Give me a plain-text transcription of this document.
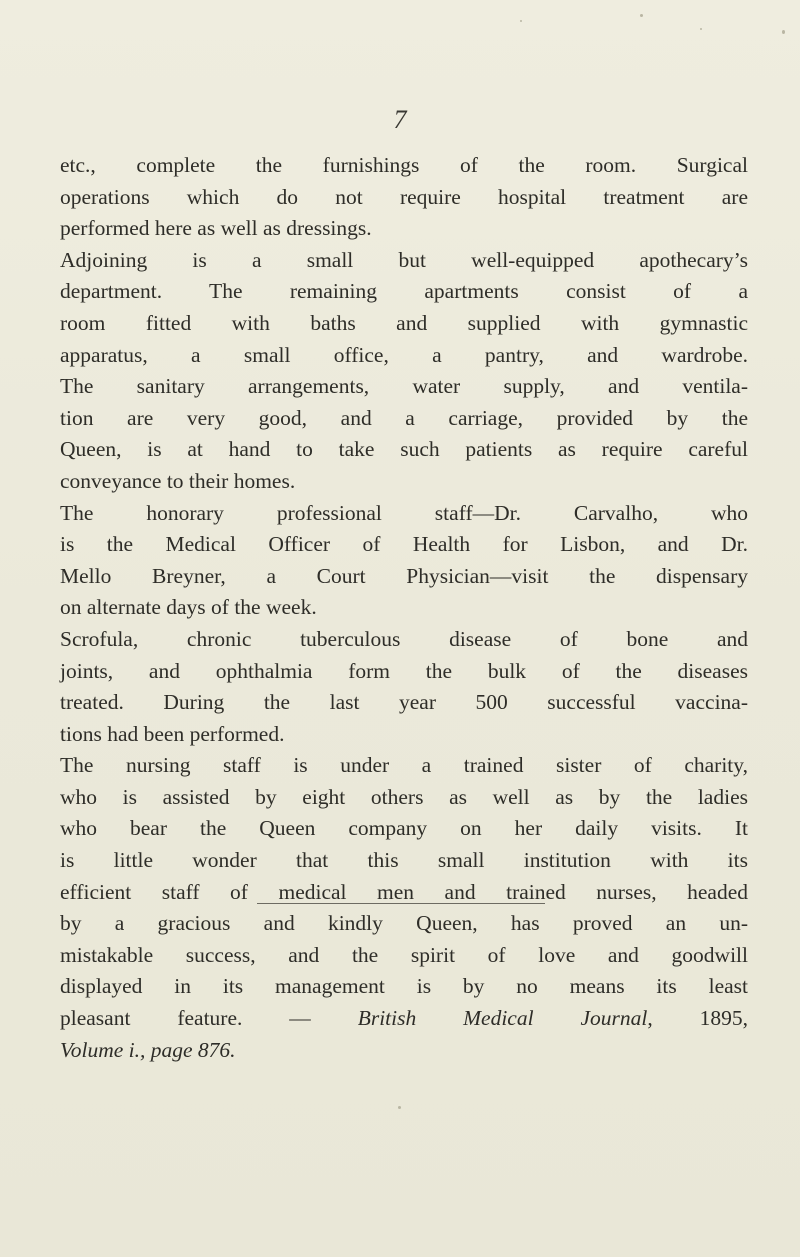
7
etc., complete the furnishings of the room. Surgical
operations which do not require hospital treatment are
performed here as well as dressings.
Adjoining is a small but well-equipped apothecary’s
department. The remaining apartments consist of a
room fitted with baths and supplied with gymnastic
apparatus, a small office, a pantry, and wardrobe.
The sanitary arrangements, water supply, and ventila-
tion are very good, and a carriage, provided by the
Queen, is at hand to take such patients as require careful
conveyance to their homes.
The honorary professional staff—Dr. Carvalho, who
is the Medical Officer of Health for Lisbon, and Dr.
Mello Breyner, a Court Physician—visit the dispensary
on alternate days of the week.
Scrofula, chronic tuberculous disease of bone and
joints, and ophthalmia form the bulk of the diseases
treated. During the last year 500 successful vaccina-
tions had been performed.
The nursing staff is under a trained sister of charity,
who is assisted by eight others as well as by the ladies
who bear the Queen company on her daily visits. It
is little wonder that this small institution with its
efficient staff of medical men and trained nurses, headed
by a gracious and kindly Queen, has proved an un-
mistakable success, and the spirit of love and goodwill
displayed in its management is by no means its least
pleasant feature. — British Medical Journal, 1895,
Volume i., page 876.
